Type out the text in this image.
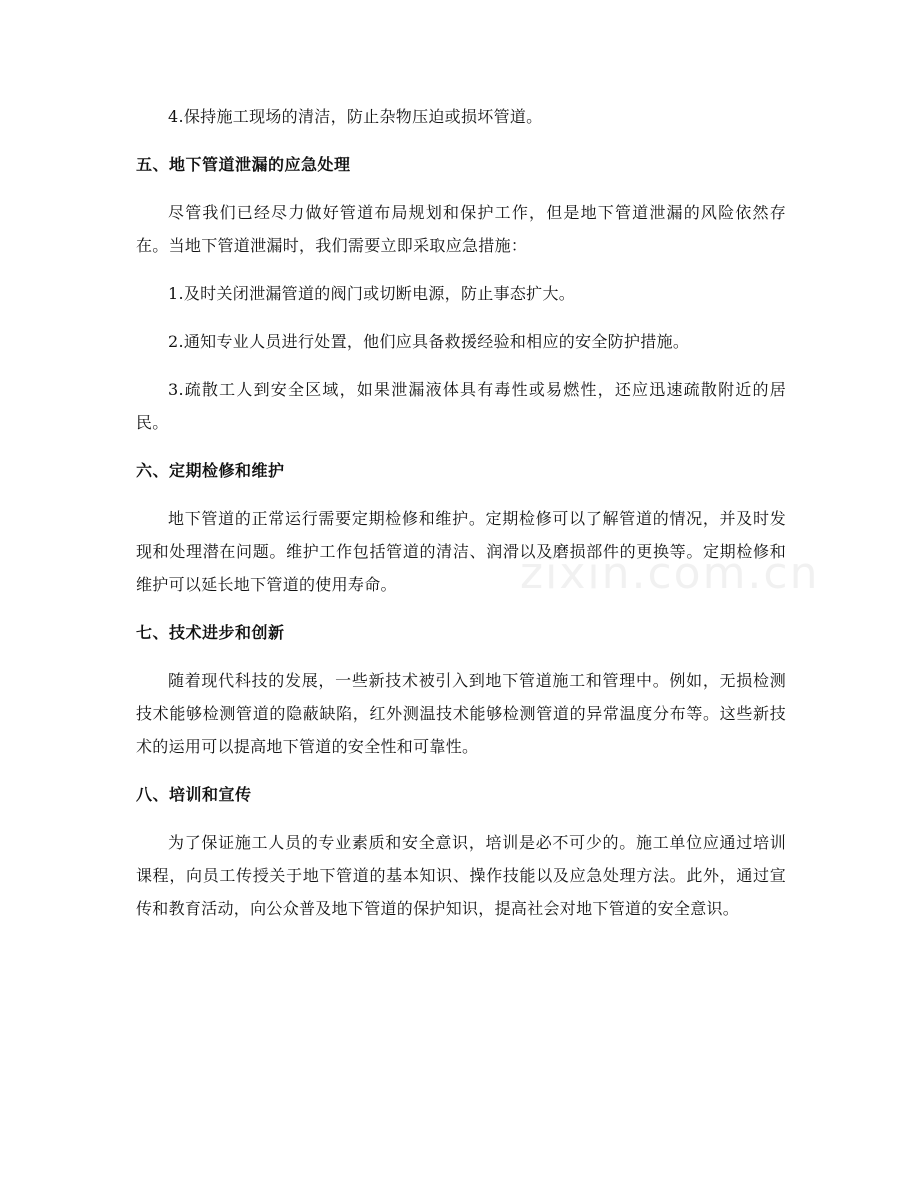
4.保持施工现场的清洁，防止杂物压迫或损坏管道。

五、地下管道泄漏的应急处理

尽管我们已经尽力做好管道布局规划和保护工作，但是地下管道泄漏的风险依然存在。当地下管道泄漏时，我们需要立即采取应急措施：

1.及时关闭泄漏管道的阀门或切断电源，防止事态扩大。

2.通知专业人员进行处置，他们应具备救援经验和相应的安全防护措施。

3.疏散工人到安全区域，如果泄漏液体具有毒性或易燃性，还应迅速疏散附近的居民。

六、定期检修和维护

地下管道的正常运行需要定期检修和维护。定期检修可以了解管道的情况，并及时发现和处理潜在问题。维护工作包括管道的清洁、润滑以及磨损部件的更换等。定期检修和维护可以延长地下管道的使用寿命。

七、技术进步和创新

随着现代科技的发展，一些新技术被引入到地下管道施工和管理中。例如，无损检测技术能够检测管道的隐蔽缺陷，红外测温技术能够检测管道的异常温度分布等。这些新技术的运用可以提高地下管道的安全性和可靠性。

八、培训和宣传

为了保证施工人员的专业素质和安全意识，培训是必不可少的。施工单位应通过培训课程，向员工传授关于地下管道的基本知识、操作技能以及应急处理方法。此外，通过宣传和教育活动，向公众普及地下管道的保护知识，提高社会对地下管道的安全意识。

zixin.com.cn
